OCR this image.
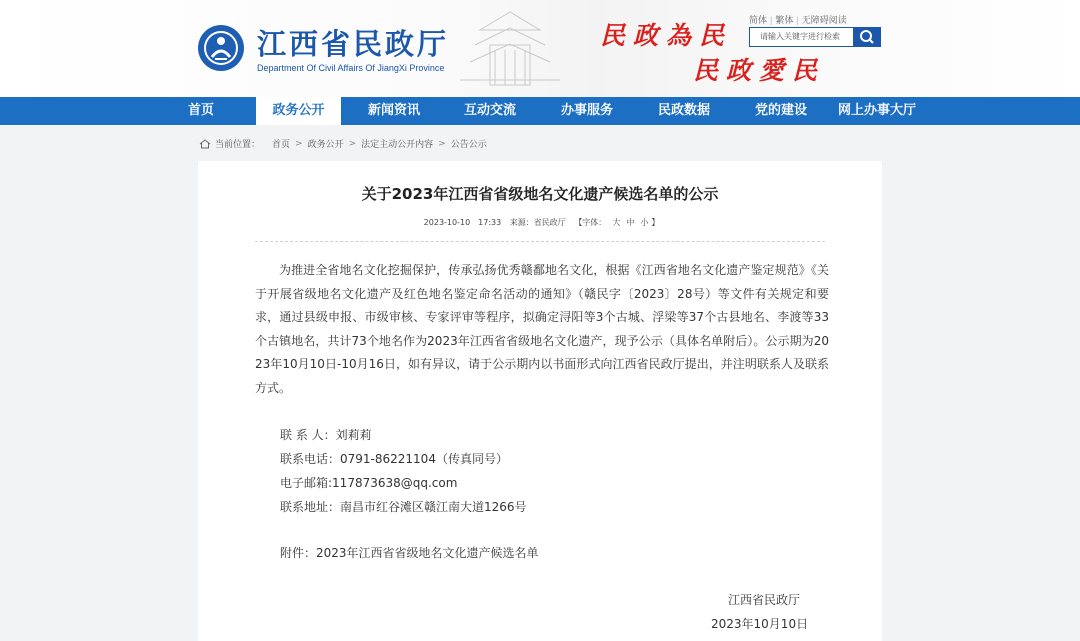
江西省民政厅
Department Of Civil Affairs Of JiangXi Province
民政為民
民政愛民
简体 | 繁体 | 无障碍阅读
请输入关键字进行检索
首页	政务公开	新闻资讯	互动交流	办事服务	民政数据	党的建设	网上办事大厅
当前位置： 首页 > 政务公开 > 法定主动公开内容 > 公告公示
关于2023年江西省省级地名文化遗产候选名单的公示
2023-10-10　17:33 来源：省民政厅 【字体： 大 中 小 】
为推进全省地名文化挖掘保护，传承弘扬优秀赣鄱地名文化，根据《江西省地名文化遗产鉴定规范》《关于开展省级地名文化遗产及红色地名鉴定命名活动的通知》（赣民字〔2023〕28号）等文件有关规定和要求，通过县级申报、市级审核、专家评审等程序，拟确定浔阳等3个古城、浮梁等37个古县地名、李渡等33个古镇地名，共计73个地名作为2023年江西省省级地名文化遗产，现予公示（具体名单附后）。公示期为2023年10月10日-10月16日，如有异议，请于公示期内以书面形式向江西省民政厅提出，并注明联系人及联系方式。
联 系 人：刘莉莉
联系电话：0791-86221104（传真同号）
电子邮箱:117873638@qq.com
联系地址：南昌市红谷滩区赣江南大道1266号
附件：2023年江西省省级地名文化遗产候选名单
江西省民政厅
2023年10月10日
